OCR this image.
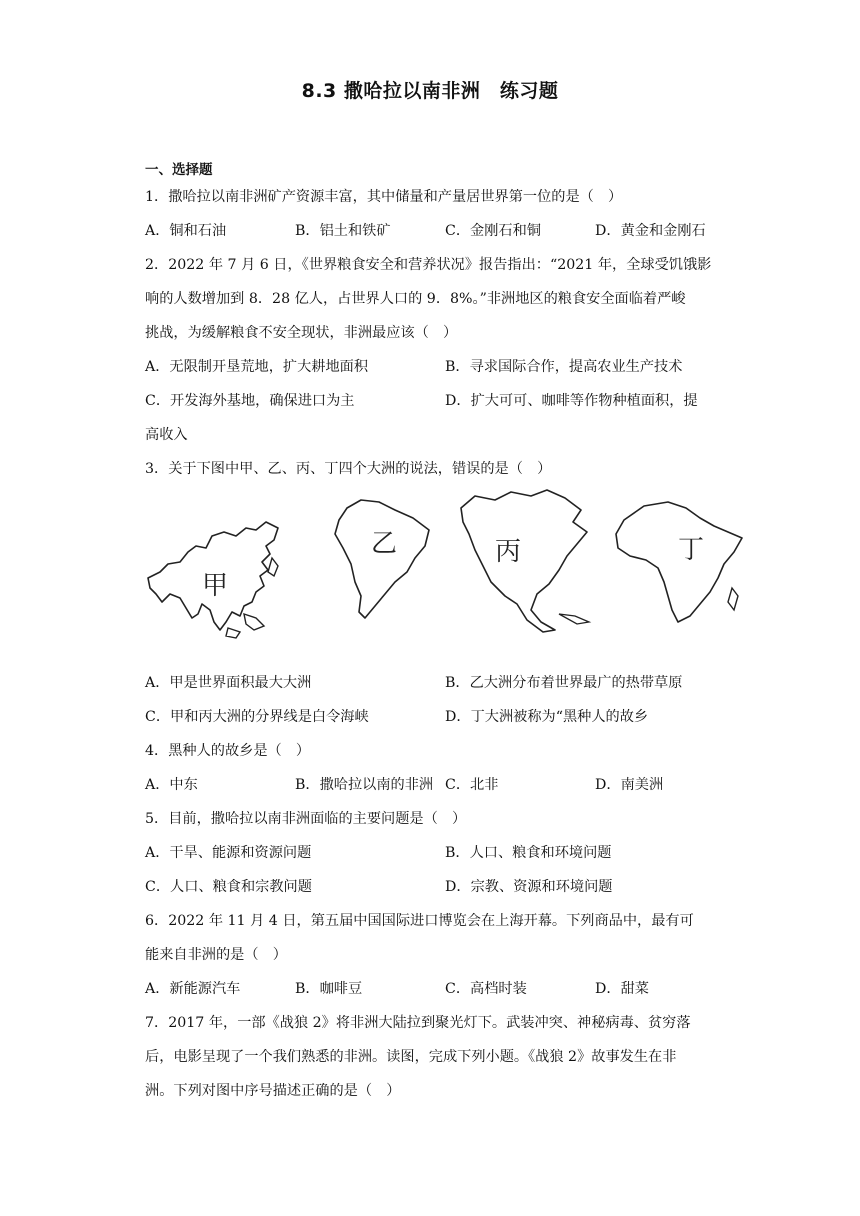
8.3 撒哈拉以南非洲　练习题
一、选择题
1．撒哈拉以南非洲矿产资源丰富，其中储量和产量居世界第一位的是（　）
A．铜和石油	B．铝土和铁矿	C．金刚石和铜	D．黄金和金刚石
2．2022 年 7 月 6 日，《世界粮食安全和营养状况》报告指出：“2021 年，全球受饥饿影
响的人数增加到 8．28 亿人，占世界人口的 9．8%。”非洲地区的粮食安全面临着严峻
挑战，为缓解粮食不安全现状，非洲最应该（　）
A．无限制开垦荒地，扩大耕地面积	B．寻求国际合作，提高农业生产技术
C．开发海外基地，确保进口为主	D．扩大可可、咖啡等作物种植面积，提
高收入
3．关于下图中甲、乙、丙、丁四个大洲的说法，错误的是（　）
甲
乙	丙	丁
A．甲是世界面积最大大洲	B．乙大洲分布着世界最广的热带草原
C．甲和丙大洲的分界线是白令海峡	D．丁大洲被称为“黑种人的故乡
4．黑种人的故乡是（　）
A．中东	B．撒哈拉以南的非洲 C．北非	D．南美洲
5．目前，撒哈拉以南非洲面临的主要问题是（　）
A．干旱、能源和资源问题	B．人口、粮食和环境问题
C．人口、粮食和宗教问题	D．宗教、资源和环境问题
6．2022 年 11 月 4 日，第五届中国国际进口博览会在上海开幕。下列商品中，最有可
能来自非洲的是（　）
A．新能源汽车	B．咖啡豆	C．高档时装	D．甜菜
7．2017 年，一部《战狼 2》将非洲大陆拉到聚光灯下。武装冲突、神秘病毒、贫穷落
后，电影呈现了一个我们熟悉的非洲。读图，完成下列小题。《战狼 2》故事发生在非
洲。下列对图中序号描述正确的是（　）
